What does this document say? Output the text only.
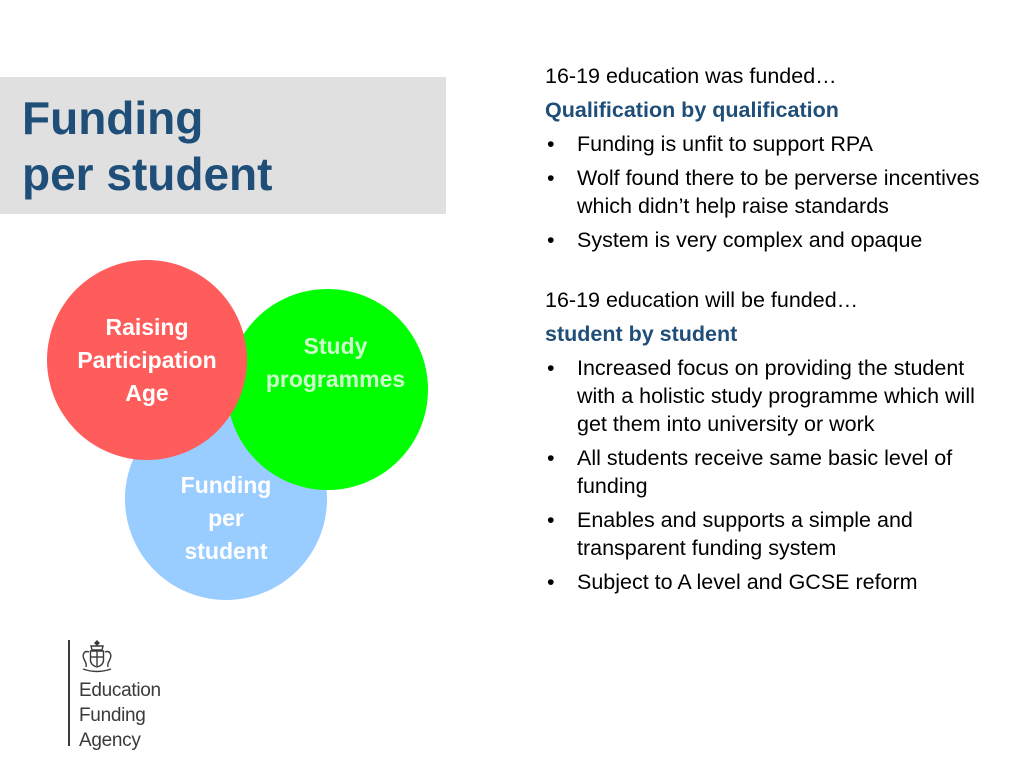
Funding
per student
Funding
per
student
Study
programmes
Raising
Participation
Age

Education
Funding
Agency

16-19 education was funded…

Qualification by qualification

• Funding is unfit to support RPA
• Wolf found there to be perverse incentives which didn’t help raise standards
• System is very complex and opaque

16-19 education will be funded…

student by student

• Increased focus on providing the student with a holistic study programme which will get them into university or work
• All students receive same basic level of funding
• Enables and supports a simple and transparent funding system
• Subject to A level and GCSE reform
